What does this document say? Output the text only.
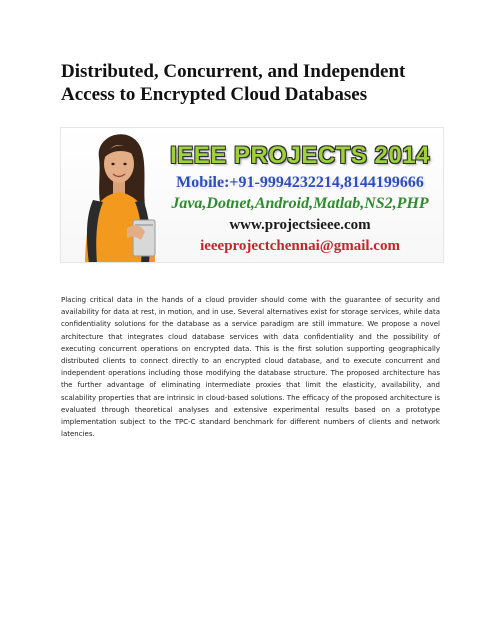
Distributed, Concurrent, and Independent
Access to Encrypted Cloud Databases
IEEE PROJECTS 2014
Mobile:+91-9994232214,8144199666
Java,Dotnet,Android,Matlab,NS2,PHP
www.projectsieee.com
ieeeprojectchennai@gmail.com

Placing critical data in the hands of a cloud provider should come with the guarantee of security and availability for data at rest, in motion, and in use. Several alternatives exist for storage services, while data confidentiality solutions for the database as a service paradigm are still immature. We propose a novel architecture that integrates cloud database services with data confidentiality and the possibility of executing concurrent operations on encrypted data. This is the first solution supporting geographically distributed clients to connect directly to an encrypted cloud database, and to execute concurrent and independent operations including those modifying the database structure. The proposed architecture has the further advantage of eliminating intermediate proxies that limit the elasticity, availability, and scalability properties that are intrinsic in cloud-based solutions. The efficacy of the proposed architecture is evaluated through theoretical analyses and extensive experimental results based on a prototype implementation subject to the TPC-C standard benchmark for different numbers of clients and network latencies.
